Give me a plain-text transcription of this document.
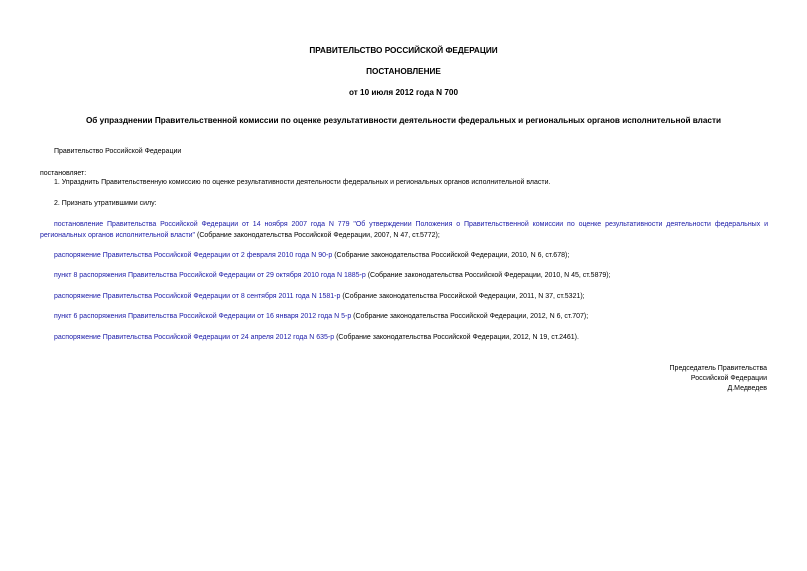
ПРАВИТЕЛЬСТВО РОССИЙСКОЙ ФЕДЕРАЦИИ
ПОСТАНОВЛЕНИЕ
от 10 июля 2012 года N 700
Об упразднении Правительственной комиссии по оценке результативности деятельности федеральных и региональных органов исполнительной власти
Правительство Российской Федерации
постановляет:
1. Упразднить Правительственную комиссию по оценке результативности деятельности федеральных и региональных органов исполнительной власти.
2. Признать утратившими силу:
постановление Правительства Российской Федерации от 14 ноября 2007 года N 779 "Об утверждении Положения о Правительственной комиссии по оценке результативности деятельности федеральных и региональных органов исполнительной власти" (Собрание законодательства Российской Федерации, 2007, N 47, ст.5772);
распоряжение Правительства Российской Федерации от 2 февраля 2010 года N 90-р (Собрание законодательства Российской Федерации, 2010, N 6, ст.678);
пункт 8 распоряжения Правительства Российской Федерации от 29 октября 2010 года N 1885-р (Собрание законодательства Российской Федерации, 2010, N 45, ст.5879);
распоряжение Правительства Российской Федерации от 8 сентября 2011 года N 1581-р (Собрание законодательства Российской Федерации, 2011, N 37, ст.5321);
пункт 6 распоряжения Правительства Российской Федерации от 16 января 2012 года N 5-р (Собрание законодательства Российской Федерации, 2012, N 6, ст.707);
распоряжение Правительства Российской Федерации от 24 апреля 2012 года N 635-р (Собрание законодательства Российской Федерации, 2012, N 19, ст.2461).
Председатель Правительства
Российской Федерации
Д.Медведев
